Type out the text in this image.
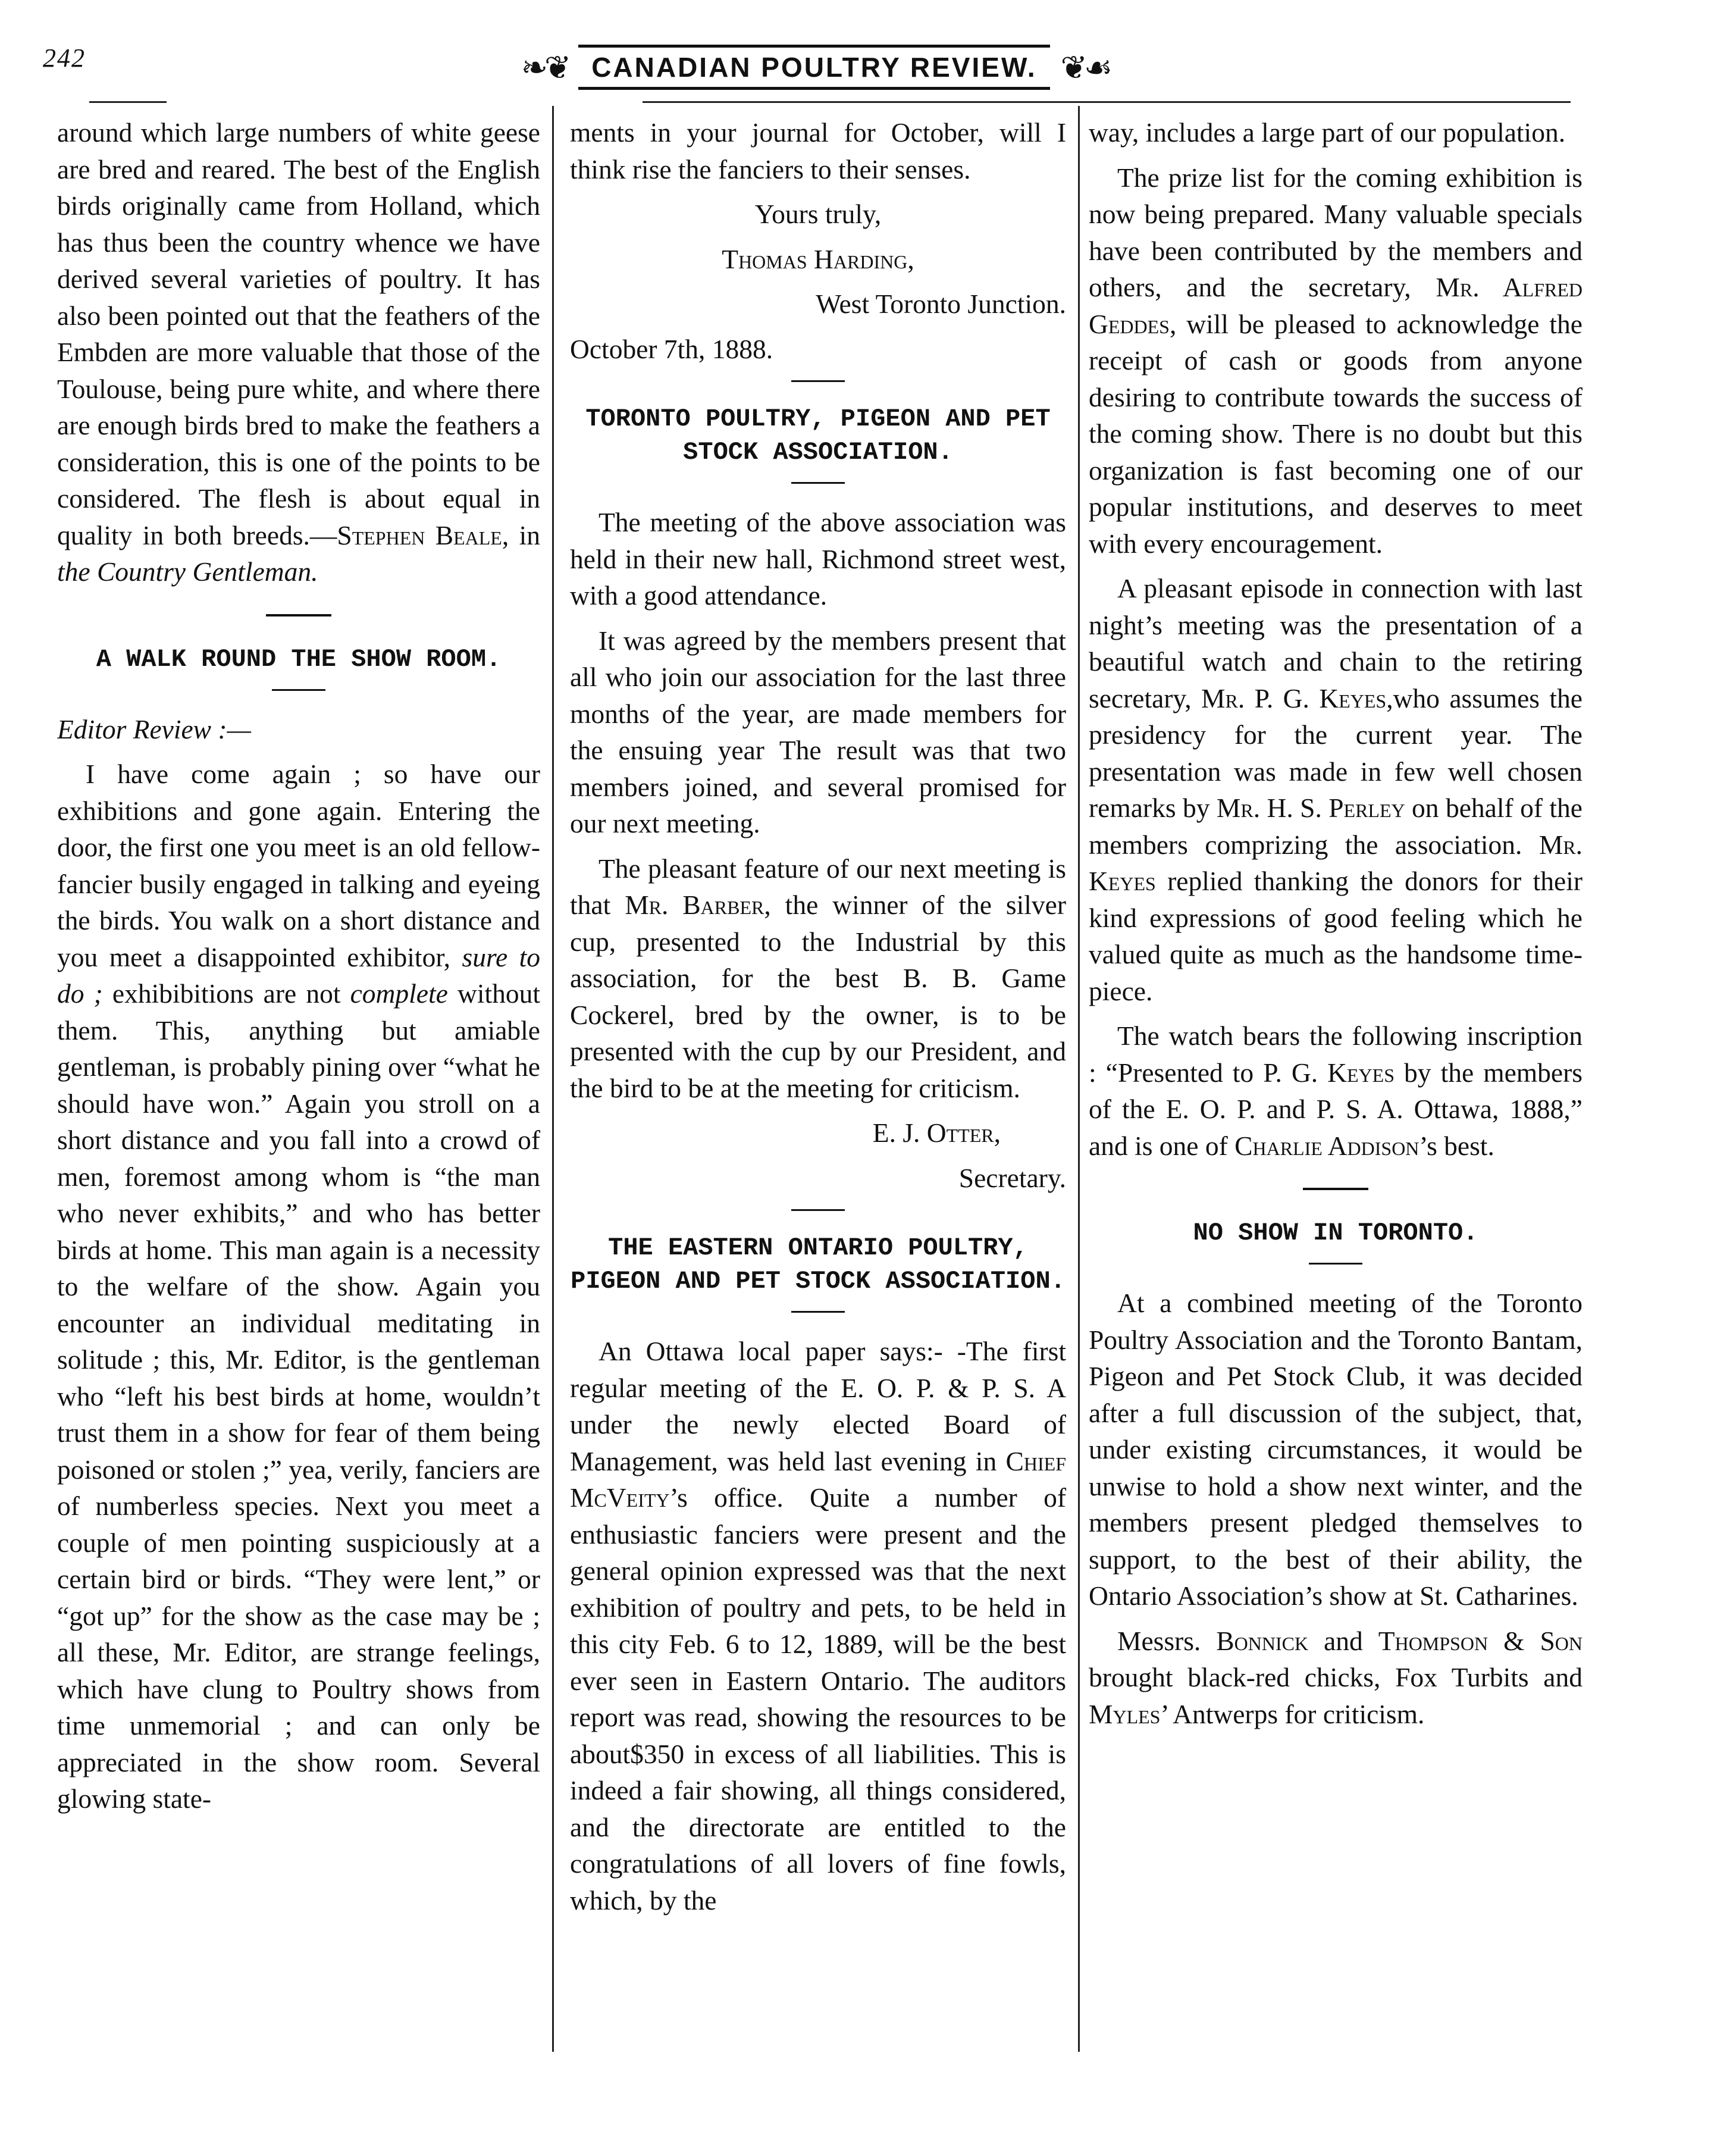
242	❧❦ CANADIAN POULTRY REVIEW. ❦☙

around which large numbers of white geese are bred and reared. The best of the English birds originally came from Holland, which has thus been the country whence we have derived several varieties of poultry. It has also been pointed out that the feathers of the Embden are more valuable that those of the Toulouse, being pure white, and where there are enough birds bred to make the feathers a consideration, this is one of the points to be considered. The flesh is about equal in quality in both breeds.—Stephen Beale, in the Country Gentleman.

A WALK ROUND THE SHOW ROOM.

Editor Review :—

I have come again ; so have our exhibitions and gone again. Entering the door, the first one you meet is an old fellow-fancier busily engaged in talking and eyeing the birds. You walk on a short distance and you meet a disappointed exhibitor, sure to do ; exhibibitions are not complete without them. This, anything but amiable gentleman, is probably pining over “what he should have won.” Again you stroll on a short distance and you fall into a crowd of men, foremost among whom is “the man who never exhibits,” and who has better birds at home. This man again is a necessity to the welfare of the show. Again you encounter an individual meditating in solitude ; this, Mr. Editor, is the gentleman who “left his best birds at home, wouldn’t trust them in a show for fear of them being poisoned or stolen ;” yea, verily, fanciers are of numberless species. Next you meet a couple of men pointing suspiciously at a certain bird or birds. “They were lent,” or “got up” for the show as the case may be ; all these, Mr. Editor, are strange feelings, which have clung to Poultry shows from time unmemorial ; and can only be appreciated in the show room. Several glowing state-

ments in your journal for October, will I think rise the fanciers to their senses.

Yours truly,

Thomas Harding,

West Toronto Junction.

October 7th, 1888.

TORONTO POULTRY, PIGEON AND PET STOCK ASSOCIATION.

The meeting of the above association was held in their new hall, Richmond street west, with a good attendance.

It was agreed by the members present that all who join our association for the last three months of the year, are made members for the ensuing year The result was that two members joined, and several promised for our next meeting.

The pleasant feature of our next meeting is that Mr. Barber, the winner of the silver cup, presented to the Industrial by this association, for the best B. B. Game Cockerel, bred by the owner, is to be presented with the cup by our President, and the bird to be at the meeting for criticism.

E. J. Otter,

Secretary.

THE EASTERN ONTARIO POULTRY, PIGEON AND PET STOCK ASSOCIATION.

An Ottawa local paper says:- -The first regular meeting of the E. O. P. & P. S. A under the newly elected Board of Management, was held last evening in Chief McVeity’s office. Quite a number of enthusiastic fanciers were present and the general opinion expressed was that the next exhibition of poultry and pets, to be held in this city Feb. 6 to 12, 1889, will be the best ever seen in Eastern Ontario. The auditors report was read, showing the resources to be about$350 in excess of all liabilities. This is indeed a fair showing, all things considered, and the directorate are entitled to the congratulations of all lovers of fine fowls, which, by the

way, includes a large part of our population.

The prize list for the coming exhibition is now being prepared. Many valuable specials have been contributed by the members and others, and the secretary, Mr. Alfred Geddes, will be pleased to acknowledge the receipt of cash or goods from anyone desiring to contribute towards the success of the coming show. There is no doubt but this organization is fast becoming one of our popular institutions, and deserves to meet with every encouragement.

A pleasant episode in connection with last night’s meeting was the presentation of a beautiful watch and chain to the retiring secretary, Mr. P. G. Keyes,who assumes the presidency for the current year. The presentation was made in few well chosen remarks by Mr. H. S. Perley on behalf of the members comprizing the association. Mr. Keyes replied thanking the donors for their kind expressions of good feeling which he valued quite as much as the handsome time-piece.

The watch bears the following inscription : “Presented to P. G. Keyes by the members of the E. O. P. and P. S. A. Ottawa, 1888,” and is one of Charlie Addison’s best.

NO SHOW IN TORONTO.

At a combined meeting of the Toronto Poultry Association and the Toronto Bantam, Pigeon and Pet Stock Club, it was decided after a full discussion of the subject, that, under existing circumstances, it would be unwise to hold a show next winter, and the members present pledged themselves to support, to the best of their ability, the Ontario Association’s show at St. Catharines.

Messrs. Bonnick and Thompson & Son brought black-red chicks, Fox Turbits and Myles’ Antwerps for criticism.
